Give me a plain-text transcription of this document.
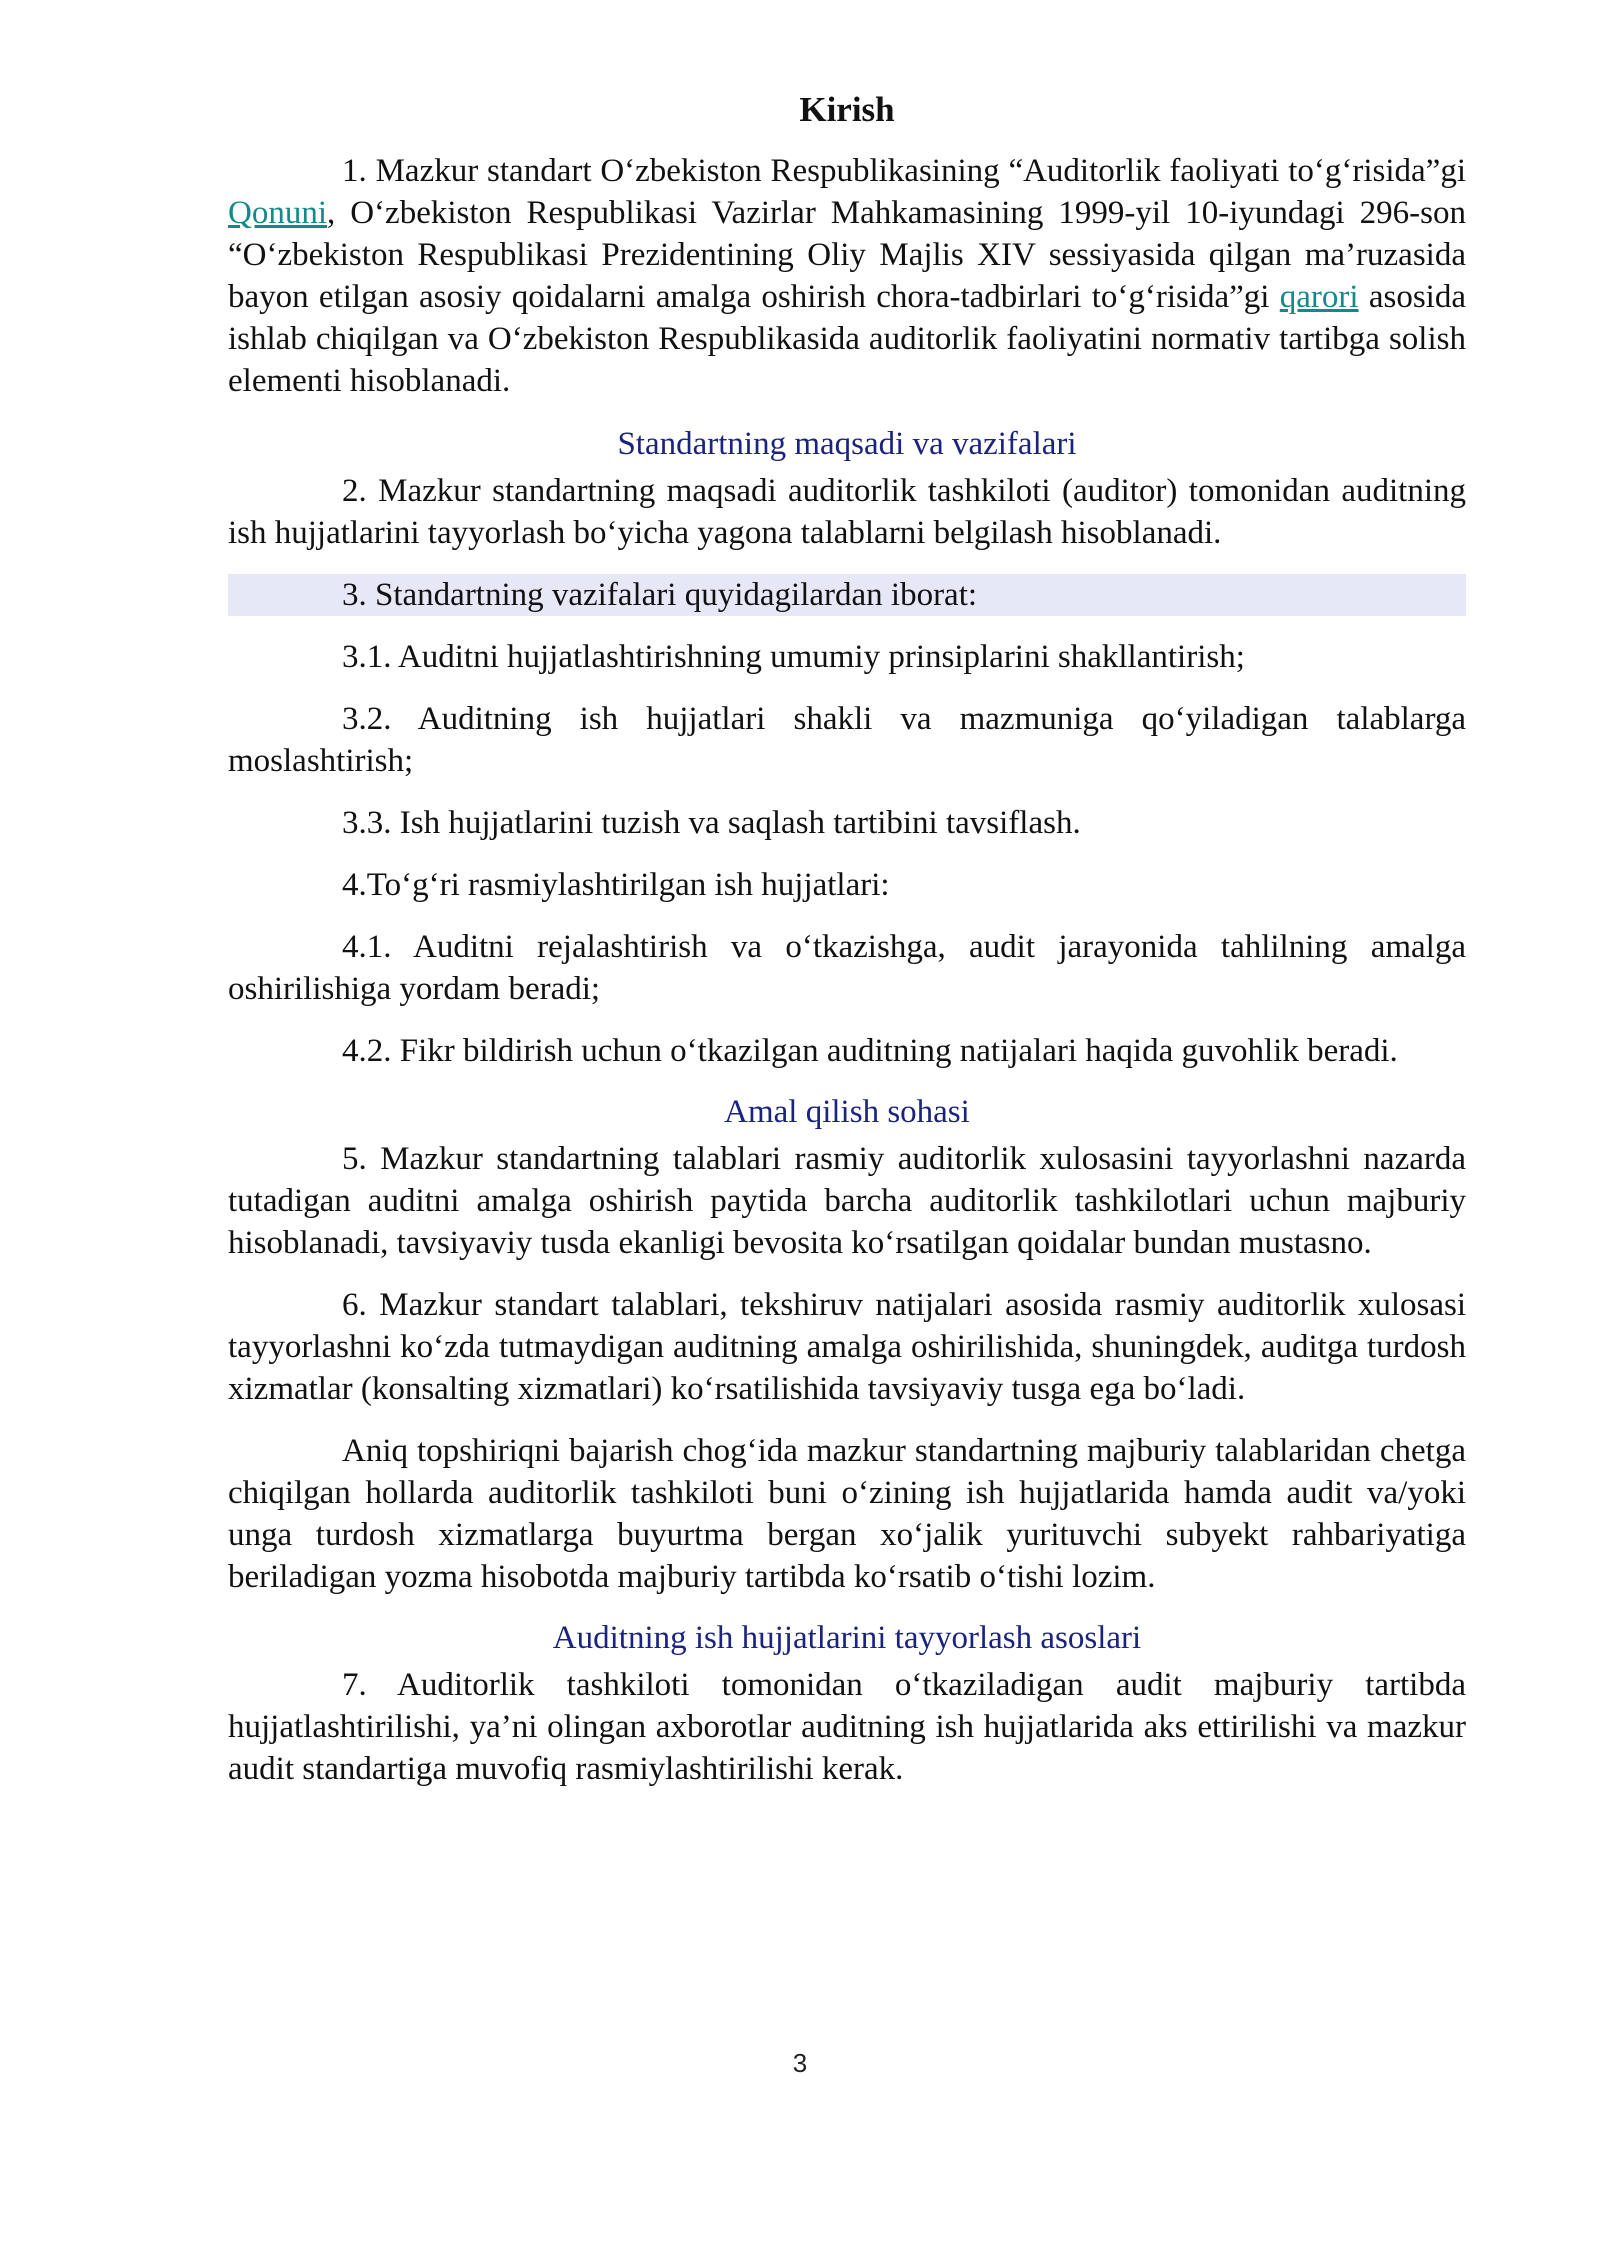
Kirish

1. Mazkur standart O‘zbekiston Respublikasining “Auditorlik faoliyati to‘g‘risida”gi Qonuni, O‘zbekiston Respublikasi Vazirlar Mahkamasining 1999-yil 10-iyundagi 296-son “O‘zbekiston Respublikasi Prezidentining Oliy Majlis XIV sessiyasida qilgan ma’ruzasida bayon etilgan asosiy qoidalarni amalga oshirish chora-tadbirlari to‘g‘risida”gi qarori asosida ishlab chiqilgan va O‘zbekiston Respublikasida auditorlik faoliyatini normativ tartibga solish elementi hisoblanadi.

Standartning maqsadi va vazifalari

2. Mazkur standartning maqsadi auditorlik tashkiloti (auditor) tomonidan auditning ish hujjatlarini tayyorlash bo‘yicha yagona talablarni belgilash hisoblanadi.

3. Standartning vazifalari quyidagilardan iborat:

3.1. Auditni hujjatlashtirishning umumiy prinsiplarini shakllantirish;

3.2. Auditning ish hujjatlari shakli va mazmuniga qo‘yiladigan talablarga moslashtirish;

3.3. Ish hujjatlarini tuzish va saqlash tartibini tavsiflash.

4.To‘g‘ri rasmiylashtirilgan ish hujjatlari:

4.1. Auditni rejalashtirish va o‘tkazishga, audit jarayonida tahlilning amalga oshirilishiga yordam beradi;

4.2. Fikr bildirish uchun o‘tkazilgan auditning natijalari haqida guvohlik beradi.

Amal qilish sohasi

5. Mazkur standartning talablari rasmiy auditorlik xulosasini tayyorlashni nazarda tutadigan auditni amalga oshirish paytida barcha auditorlik tashkilotlari uchun majburiy hisoblanadi, tavsiyaviy tusda ekanligi bevosita ko‘rsatilgan qoidalar bundan mustasno.

6. Mazkur standart talablari, tekshiruv natijalari asosida rasmiy auditorlik xulosasi tayyorlashni ko‘zda tutmaydigan auditning amalga oshirilishida, shuningdek, auditga turdosh xizmatlar (konsalting xizmatlari) ko‘rsatilishida tavsiyaviy tusga ega bo‘ladi.

Aniq topshiriqni bajarish chog‘ida mazkur standartning majburiy talablaridan chetga chiqilgan hollarda auditorlik tashkiloti buni o‘zining ish hujjatlarida hamda audit va/yoki unga turdosh xizmatlarga buyurtma bergan xo‘jalik yurituvchi subyekt rahbariyatiga beriladigan yozma hisobotda majburiy tartibda ko‘rsatib o‘tishi lozim.

Auditning ish hujjatlarini tayyorlash asoslari

7. Auditorlik tashkiloti tomonidan o‘tkaziladigan audit majburiy tartibda hujjatlashtirilishi, ya’ni olingan axborotlar auditning ish hujjatlarida aks ettirilishi va mazkur audit standartiga muvofiq rasmiylashtirilishi kerak.

3
